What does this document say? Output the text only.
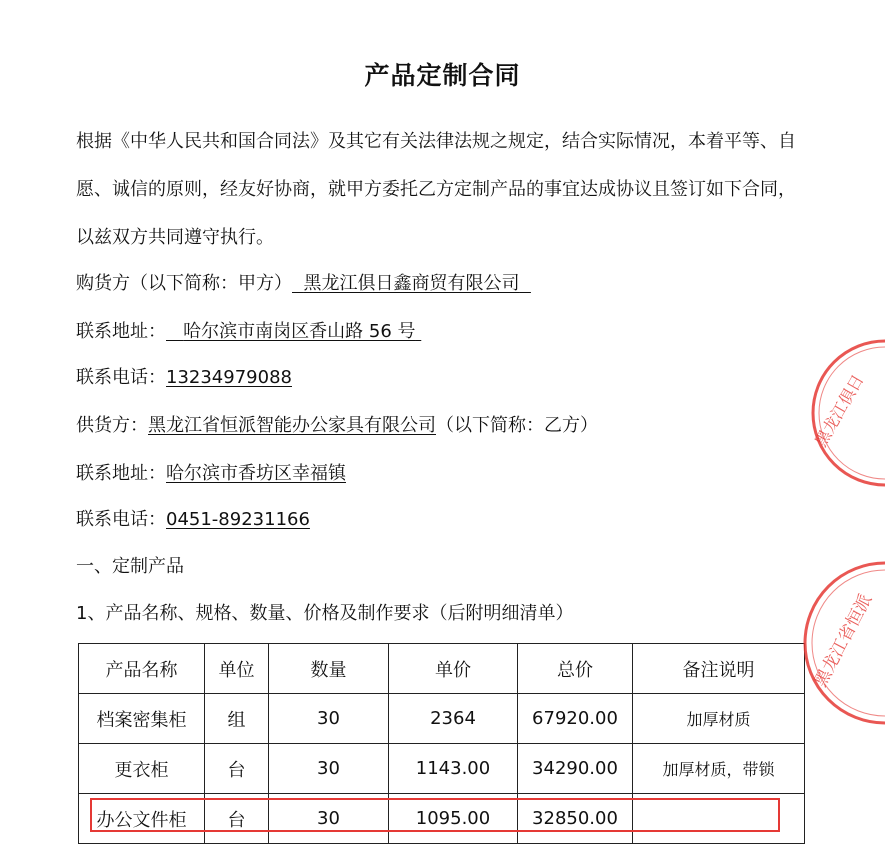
产品定制合同
根据《中华人民共和国合同法》及其它有关法律法规之规定，结合实际情况，本着平等、自
愿、诚信的原则，经友好协商，就甲方委托乙方定制产品的事宜达成协议且签订如下合同，
以兹双方共同遵守执行。
购货方（以下简称：甲方） 黑龙江俱日鑫商贸有限公司
联系地址： 哈尔滨市南岗区香山路 56 号
联系电话：13234979088
供货方：黑龙江省恒派智能办公家具有限公司（以下简称：乙方）
联系地址：哈尔滨市香坊区幸福镇
联系电话：0451-89231166
一、定制产品
1、产品名称、规格、数量、价格及制作要求（后附明细清单）
产品名称	单位	数量	单价	总价	备注说明
档案密集柜	组	30	2364	67920.00	加厚材质
更衣柜	台	30	1143.00	34290.00	加厚材质，带锁
办公文件柜	台	30	1095.00	32850.00	
黑龙江俱日
黑龙江省恒派
